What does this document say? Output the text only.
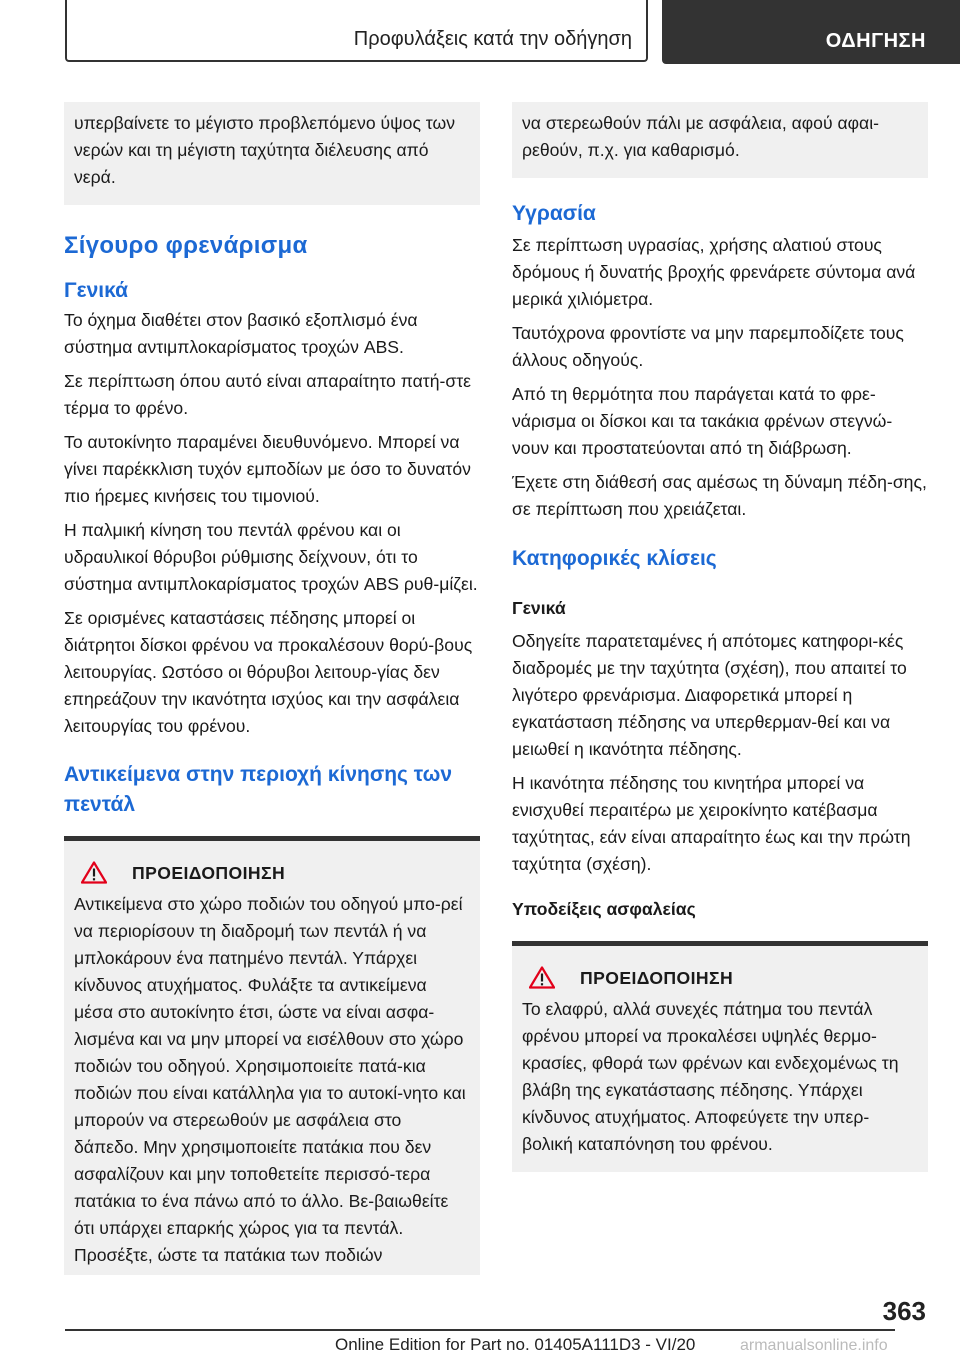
Προφυλάξεις κατά την οδήγηση	ΟΔΗΓΗΣΗ

υπερβαίνετε το μέγιστο προβλεπόμενο ύψος των νερών και τη μέγιστη ταχύτητα διέλευσης από νερά.

Σίγουρο φρενάρισμα
Γενικά

Το όχημα διαθέτει στον βασικό εξοπλισμό ένα σύστημα αντιμπλοκαρίσματος τροχών ABS.

Σε περίπτωση όπου αυτό είναι απαραίτητο πατή-στε τέρμα το φρένο.

Το αυτοκίνητο παραμένει διευθυνόμενο. Μπορεί να γίνει παρέκκλιση τυχόν εμποδίων με όσο το δυνατόν πιο ήρεμες κινήσεις του τιμονιού.

Η παλμική κίνηση του πεντάλ φρένου και οι υδραυλικοί θόρυβοι ρύθμισης δείχνουν, ότι το σύστημα αντιμπλοκαρίσματος τροχών ABS ρυθ-μίζει.

Σε ορισμένες καταστάσεις πέδησης μπορεί οι διάτρητοι δίσκοι φρένου να προκαλέσουν θορύ-βους λειτουργίας. Ωστόσο οι θόρυβοι λειτουρ-γίας δεν επηρεάζουν την ικανότητα ισχύος και την ασφάλεια λειτουργίας του φρένου.

Αντικείμενα στην περιοχή κίνησης των πεντάλ
ΠΡΟΕΙΔΟΠΟΙΗΣΗ

Αντικείμενα στο χώρο ποδιών του οδηγού μπο-ρεί να περιορίσουν τη διαδρομή των πεντάλ ή να μπλοκάρουν ένα πατημένο πεντάλ. Υπάρχει κίνδυνος ατυχήματος. Φυλάξτε τα αντικείμενα μέσα στο αυτοκίνητο έτσι, ώστε να είναι ασφα-λισμένα και να μην μπορεί να εισέλθουν στο χώρο ποδιών του οδηγού. Χρησιμοποιείτε πατά-κια ποδιών που είναι κατάλληλα για το αυτοκί-νητο και μπορούν να στερεωθούν με ασφάλεια στο δάπεδο. Μην χρησιμοποιείτε πατάκια που δεν ασφαλίζουν και μην τοποθετείτε περισσό-τερα πατάκια το ένα πάνω από το άλλο. Βε-βαιωθείτε ότι υπάρχει επαρκής χώρος για τα πεντάλ. Προσέξτε, ώστε τα πατάκια των ποδιών

να στερεωθούν πάλι με ασφάλεια, αφού αφαι-ρεθούν, π.χ. για καθαρισμό.

Υγρασία

Σε περίπτωση υγρασίας, χρήσης αλατιού στους δρόμους ή δυνατής βροχής φρενάρετε σύντομα ανά μερικά χιλιόμετρα.

Ταυτόχρονα φροντίστε να μην παρεμποδίζετε τους άλλους οδηγούς.

Από τη θερμότητα που παράγεται κατά το φρε-νάρισμα οι δίσκοι και τα τακάκια φρένων στεγνώ-νουν και προστατεύονται από τη διάβρωση.

Έχετε στη διάθεσή σας αμέσως τη δύναμη πέδη-σης, σε περίπτωση που χρειάζεται.

Κατηφορικές κλίσεις
Γενικά

Οδηγείτε παρατεταμένες ή απότομες κατηφορι-κές διαδρομές με την ταχύτητα (σχέση), που απαιτεί το λιγότερο φρενάρισμα. Διαφορετικά μπορεί η εγκατάσταση πέδησης να υπερθερμαν-θεί και να μειωθεί η ικανότητα πέδησης.

Η ικανότητα πέδησης του κινητήρα μπορεί να ενισχυθεί περαιτέρω με χειροκίνητο κατέβασμα ταχύτητας, εάν είναι απαραίτητο έως και την πρώτη ταχύτητα (σχέση).

Υποδείξεις ασφαλείας
ΠΡΟΕΙΔΟΠΟΙΗΣΗ

Το ελαφρύ, αλλά συνεχές πάτημα του πεντάλ φρένου μπορεί να προκαλέσει υψηλές θερμο-κρασίες, φθορά των φρένων και ενδεχομένως τη βλάβη της εγκατάστασης πέδησης. Υπάρχει κίνδυνος ατυχήματος. Αποφεύγετε την υπερ-βολική καταπόνηση του φρένου.

363
Online Edition for Part no. 01405A111D3 - VI/20	armanualsonline.info
